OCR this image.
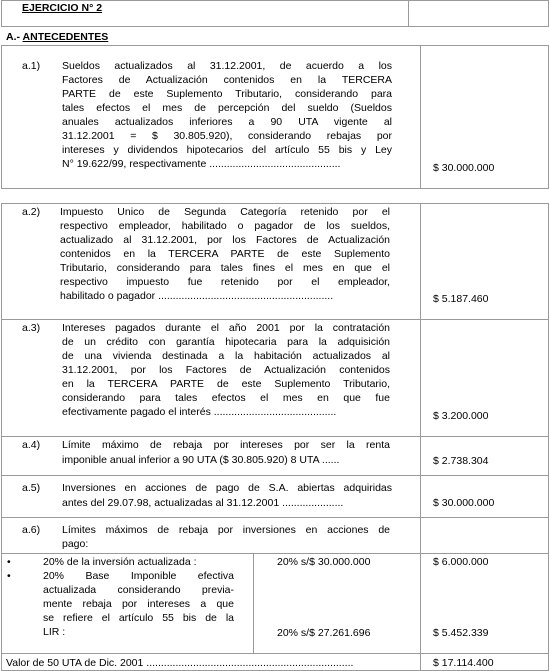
EJERCICIO N° 2
A.- ANTECEDENTES
a.1) Sueldos actualizados al 31.12.2001, de acuerdo a los
Factores de Actualización contenidos en la TERCERA
PARTE de este Suplemento Tributario, considerando para
tales efectos el mes de percepción del sueldo (Sueldos
anuales actualizados inferiores a 90 UTA vigente al
31.12.2001 = $ 30.805.920), considerando rebajas por
intereses y dividendos hipotecarios del artículo 55 bis y Ley
N° 19.622/99, respectivamente .............................................	$ 30.000.000
a.2) Impuesto Unico de Segunda Categoría retenido por el
respectivo empleador, habilitado o pagador de los sueldos,
actualizado al 31.12.2001, por los Factores de Actualización
contenidos en la TERCERA PARTE de este Suplemento
Tributario, considerando para tales fines el mes en que el
respectivo impuesto fue retenido por el empleador,
habilitado o pagador ............................................................	$ 5.187.460
a.3) Intereses pagados durante el año 2001 por la contratación
de un crédito con garantía hipotecaria para la adquisición
de una vivienda destinada a la habitación actualizados al
31.12.2001, por los Factores de Actualización contenidos
en la TERCERA PARTE de este Suplemento Tributario,
considerando para tales efectos el mes en que fue
efectivamente pagado el interés ..........................................	$ 3.200.000
a.4) Límite máximo de rebaja por intereses por ser la renta
imponible anual inferior a 90 UTA ($ 30.805.920) 8 UTA ......	$ 2.738.304
a.5) Inversiones en acciones de pago de S.A. abiertas adquiridas
antes del 29.07.98, actualizadas al 31.12.2001 .....................	$ 30.000.000
a.6) Límites máximos de rebaja por inversiones en acciones de
pago:
•	20% de la inversión actualizada :	20% s/$ 30.000.000	$ 6.000.000
•	20% Base Imponible efectiva
actualizada considerando previa-
mente rebaja por intereses a que
se refiere el artículo 55 bis de la
LIR :	20% s/$ 27.261.696	$ 5.452.339
Valor de 50 UTA de Dic. 2001 .......................................................................	$ 17.114.400
